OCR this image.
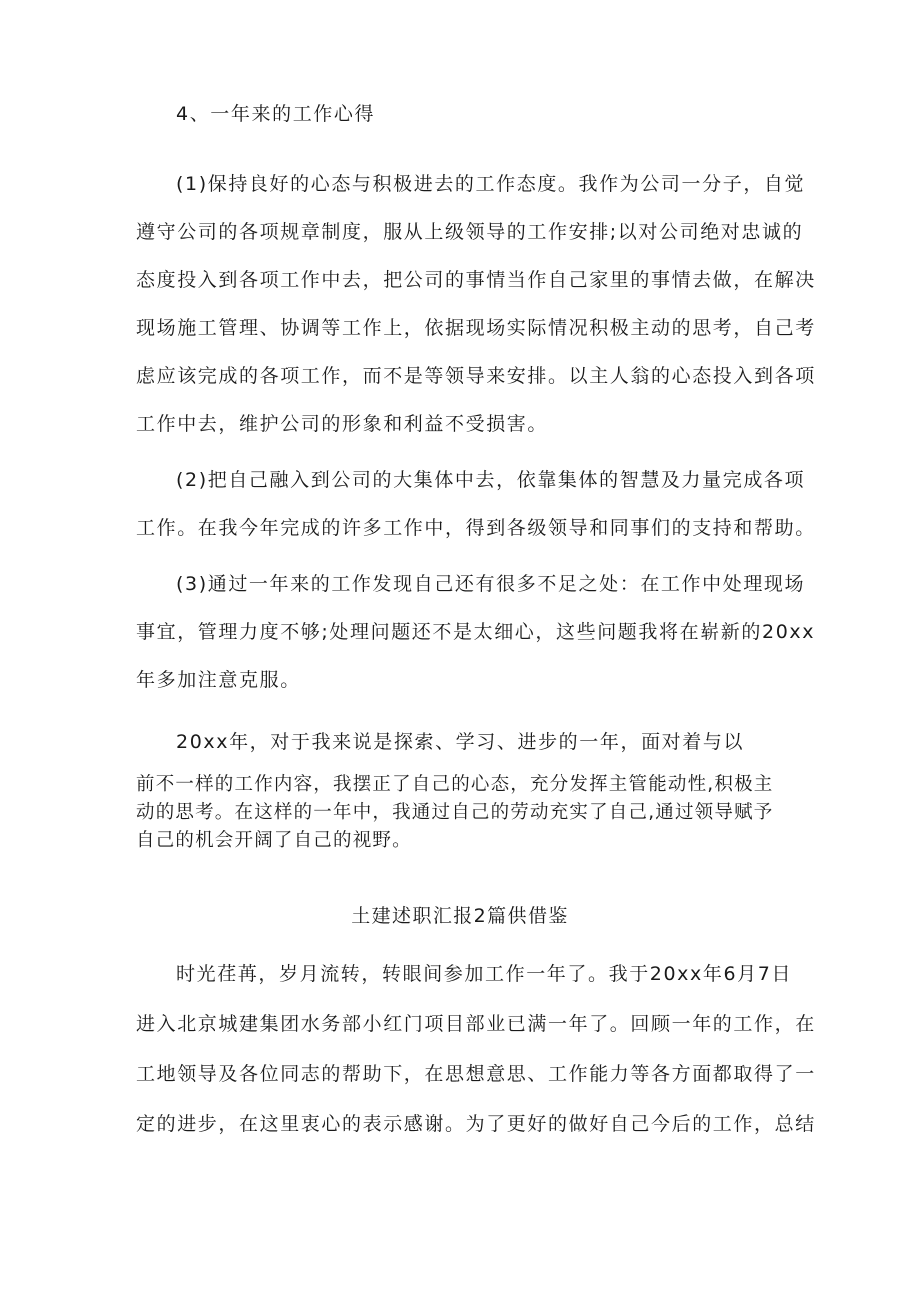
4、一年来的工作心得
(1)保持良好的心态与积极进去的工作态度。我作为公司一分子，自觉
遵守公司的各项规章制度，服从上级领导的工作安排;以对公司绝对忠诚的
态度投入到各项工作中去，把公司的事情当作自己家里的事情去做，在解决
现场施工管理、协调等工作上，依据现场实际情况积极主动的思考，自己考
虑应该完成的各项工作，而不是等领导来安排。以主人翁的心态投入到各项
工作中去，维护公司的形象和利益不受损害。
(2)把自己融入到公司的大集体中去，依靠集体的智慧及力量完成各项
工作。在我今年完成的许多工作中，得到各级领导和同事们的支持和帮助。
(3)通过一年来的工作发现自己还有很多不足之处：在工作中处理现场
事宜，管理力度不够;处理问题还不是太细心，这些问题我将在崭新的20xx
年多加注意克服。
20xx年，对于我来说是探索、学习、进步的一年，面对着与以
前不一样的工作内容，我摆正了自己的心态，充分发挥主管能动性,积极主
动的思考。在这样的一年中，我通过自己的劳动充实了自己,通过领导赋予
自己的机会开阔了自己的视野。
土建述职汇报2篇供借鉴
时光荏苒，岁月流转，转眼间参加工作一年了。我于20xx年6月7日
进入北京城建集团水务部小红门项目部业已满一年了。回顾一年的工作，在
工地领导及各位同志的帮助下，在思想意思、工作能力等各方面都取得了一
定的进步，在这里衷心的表示感谢。为了更好的做好自己今后的工作，总结
